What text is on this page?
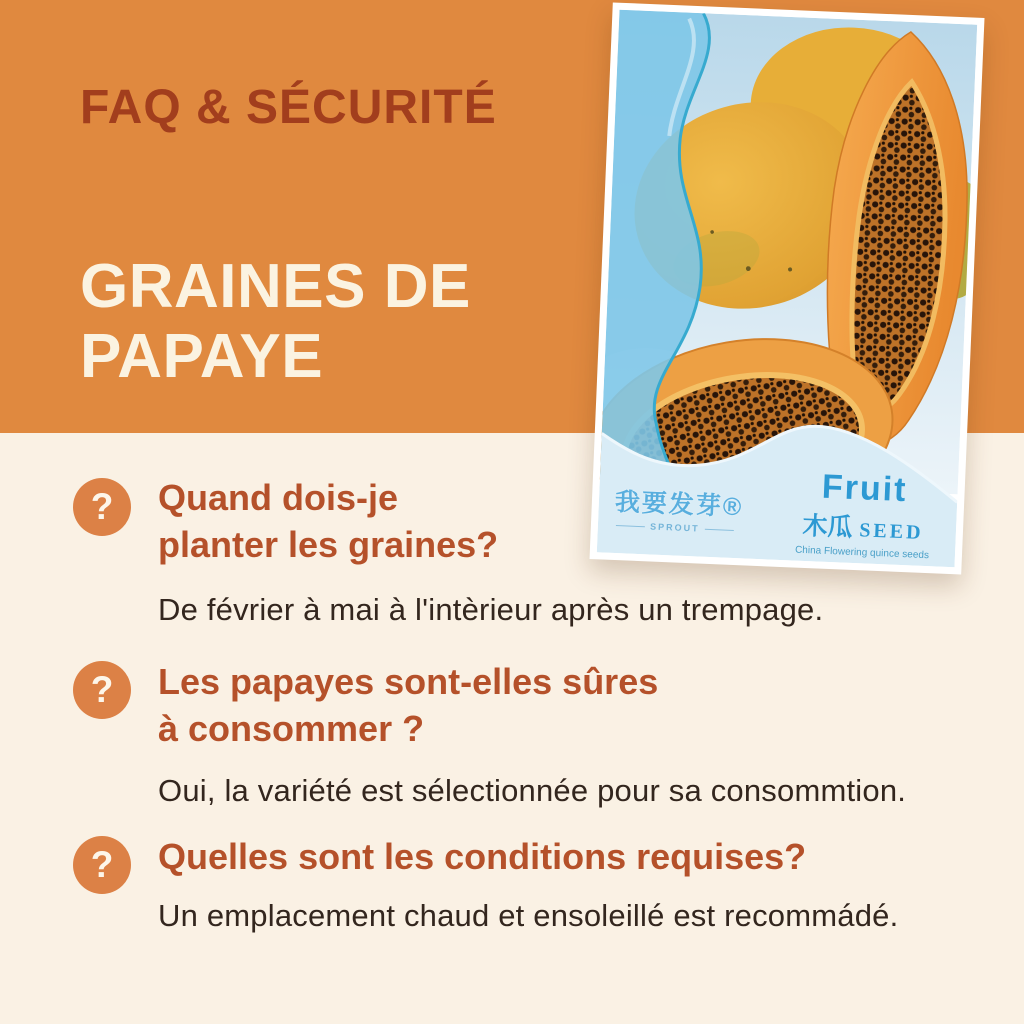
FAQ & SÉCURITÉ
GRAINES DE
PAPAYE
我要发芽®
SPROUT
Fruit
木瓜 SEED
China Flowering quince seeds
?	Quand dois-je
planter les graines?
De février à mai à l'intèrieur après un trempage.
?	Les papayes sont-elles sûres
à consommer ?
Oui, la variété est sélectionnée pour sa consommtion.
?	Quelles sont les conditions requises?
Un emplacement chaud et ensoleillé est recommádé.
